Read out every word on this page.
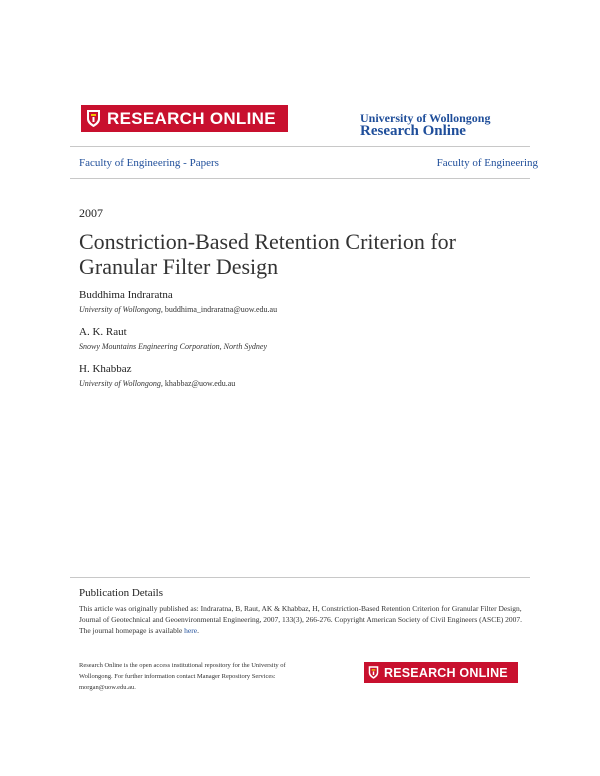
RESEARCH ONLINE	University of Wollongong
Research Online
Faculty of Engineering - Papers	Faculty of Engineering
2007
Constriction-Based Retention Criterion for Granular Filter Design
Buddhima Indraratna
University of Wollongong, buddhima_indraratna@uow.edu.au
A. K. Raut
Snowy Mountains Engineering Corporation, North Sydney
H. Khabbaz
University of Wollongong, khabbaz@uow.edu.au
Publication Details
This article was originally published as: Indraratna, B, Raut, AK & Khabbaz, H, Constriction-Based Retention Criterion for Granular Filter Design, Journal of Geotechnical and Geoenvironmental Engineering, 2007, 133(3), 266-276. Copyright American Society of Civil Engineers (ASCE) 2007. The journal homepage is available here.
Research Online is the open access institutional repository for the University of Wollongong. For further information contact Manager Repository Services: morgan@uow.edu.au.
RESEARCH ONLINE
